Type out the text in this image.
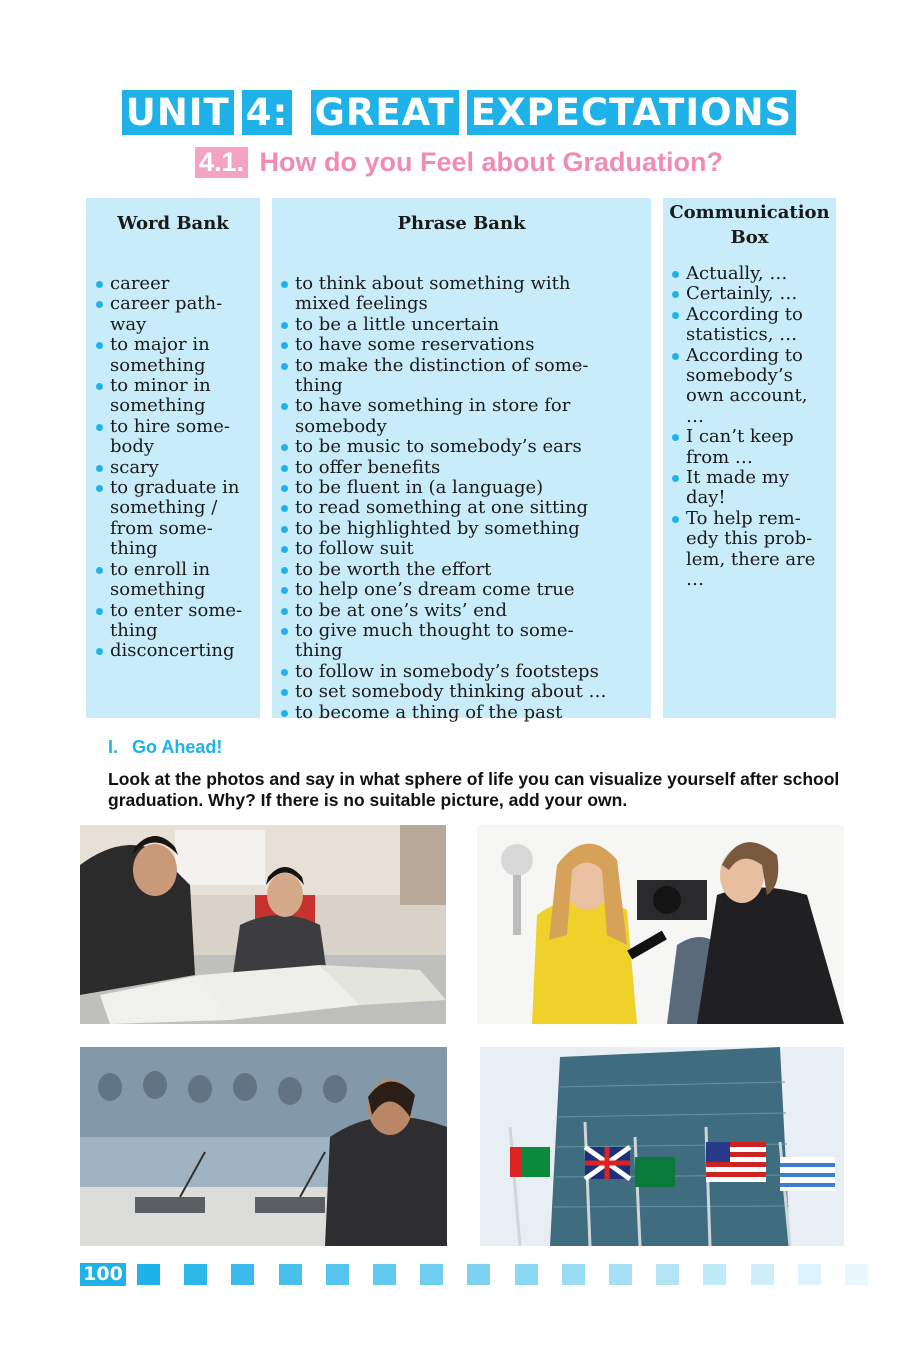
UNIT 4: GREAT EXPECTATIONS
4.1. How do you Feel about Graduation?
Word Bank
career
career path-
way
to major in
something
to minor in
something
to hire some-
body
scary
to graduate in
something /
from some-
thing
to enroll in
something
to enter some-
thing
disconcerting
Phrase Bank
to think about something with
mixed feelings
to be a little uncertain
to have some reservations
to make the distinction of some-
thing
to have something in store for
somebody
to be music to somebody’s ears
to offer benefits
to be fluent in (a language)
to read something at one sitting
to be highlighted by something
to follow suit
to be worth the effort
to help one’s dream come true
to be at one’s wits’ end
to give much thought to some-
thing
to follow in somebody’s footsteps
to set somebody thinking about …
to become a thing of the past
Communication
Box
Actually, …
Certainly, …
According to
statistics, …
According to
somebody’s
own account,
…
I can’t keep
from …
It made my
day!
To help rem-
edy this prob-
lem, there are
…
I. Go Ahead!
Look at the photos and say in what sphere of life you can visualize yourself after school graduation. Why? If there is no suitable picture, add your own.
100
